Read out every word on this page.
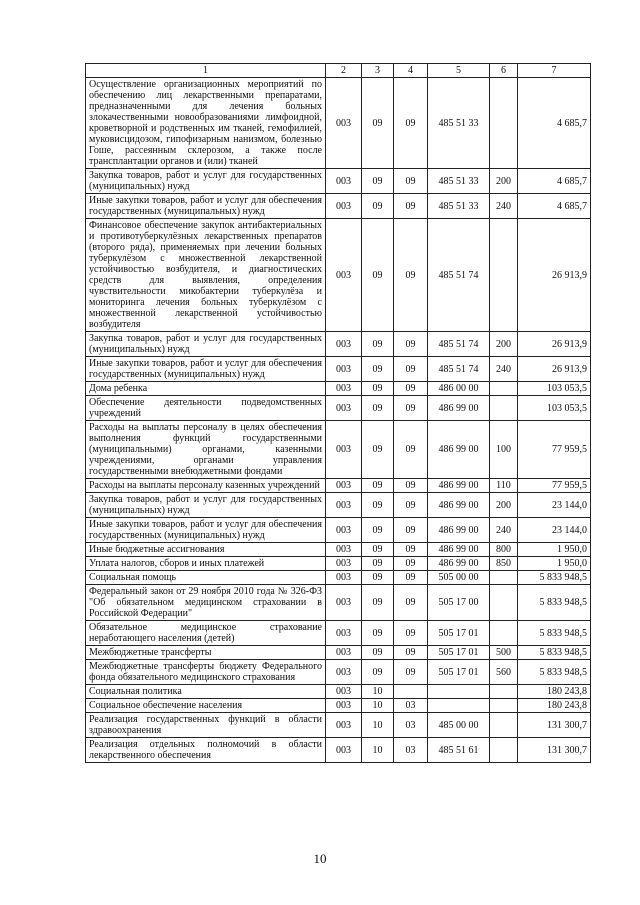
1	2	3	4	5	6	7
Осуществление организационных мероприятий по обеспечению лиц лекарственными препаратами, предназначенными для лечения больных злокачественными новообразованиями лимфоидной, кроветворной и родственных им тканей, гемофилией, муковисцидозом, гипофизарным нанизмом, болезнью Гоше, рассеянным склерозом, а также после трансплантации органов и (или) тканей	003	09	09	485 51 33		4 685,7
Закупка товаров, работ и услуг для государственных (муниципальных) нужд	003	09	09	485 51 33	200	4 685,7
Иные закупки товаров, работ и услуг для обеспечения государственных (муниципальных) нужд	003	09	09	485 51 33	240	4 685,7
Финансовое обеспечение закупок антибактериальных и противотуберкулёзных лекарственных препаратов (второго ряда), применяемых при лечении больных туберкулёзом с множественной лекарственной устойчивостью возбудителя, и диагностических средств для выявления, определения чувствительности микобактерии туберкулёза и мониторинга лечения больных туберкулёзом с множественной лекарственной устойчивостью возбудителя	003	09	09	485 51 74		26 913,9
Закупка товаров, работ и услуг для государственных (муниципальных) нужд	003	09	09	485 51 74	200	26 913,9
Иные закупки товаров, работ и услуг для обеспечения государственных (муниципальных) нужд	003	09	09	485 51 74	240	26 913,9
Дома ребенка	003	09	09	486 00 00		103 053,5
Обеспечение деятельности подведомственных учреждений	003	09	09	486 99 00		103 053,5
Расходы на выплаты персоналу в целях обеспечения выполнения функций государственными (муниципальными) органами, казенными учреждениями, органами управления государственными внебюджетными фондами	003	09	09	486 99 00	100	77 959,5
Расходы на выплаты персоналу казенных учреждений	003	09	09	486 99 00	110	77 959,5
Закупка товаров, работ и услуг для государственных (муниципальных) нужд	003	09	09	486 99 00	200	23 144,0
Иные закупки товаров, работ и услуг для обеспечения государственных (муниципальных) нужд	003	09	09	486 99 00	240	23 144,0
Иные бюджетные ассигнования	003	09	09	486 99 00	800	1 950,0
Уплата налогов, сборов и иных платежей	003	09	09	486 99 00	850	1 950,0
Социальная помощь	003	09	09	505 00 00		5 833 948,5
Федеральный закон от 29 ноября 2010 года № 326-ФЗ "Об обязательном медицинском страховании в Российской Федерации"	003	09	09	505 17 00		5 833 948,5
Обязательное медицинское страхование неработающего населения (детей)	003	09	09	505 17 01		5 833 948,5
Межбюджетные трансферты	003	09	09	505 17 01	500	5 833 948,5
Межбюджетные трансферты бюджету Федерального фонда обязательного медицинского страхования	003	09	09	505 17 01	560	5 833 948,5
Социальная политика	003	10				180 243,8
Социальное обеспечение населения	003	10	03			180 243,8
Реализация государственных функций в области здравоохранения	003	10	03	485 00 00		131 300,7
Реализация отдельных полномочий в области лекарственного обеспечения	003	10	03	485 51 61		131 300,7
10
